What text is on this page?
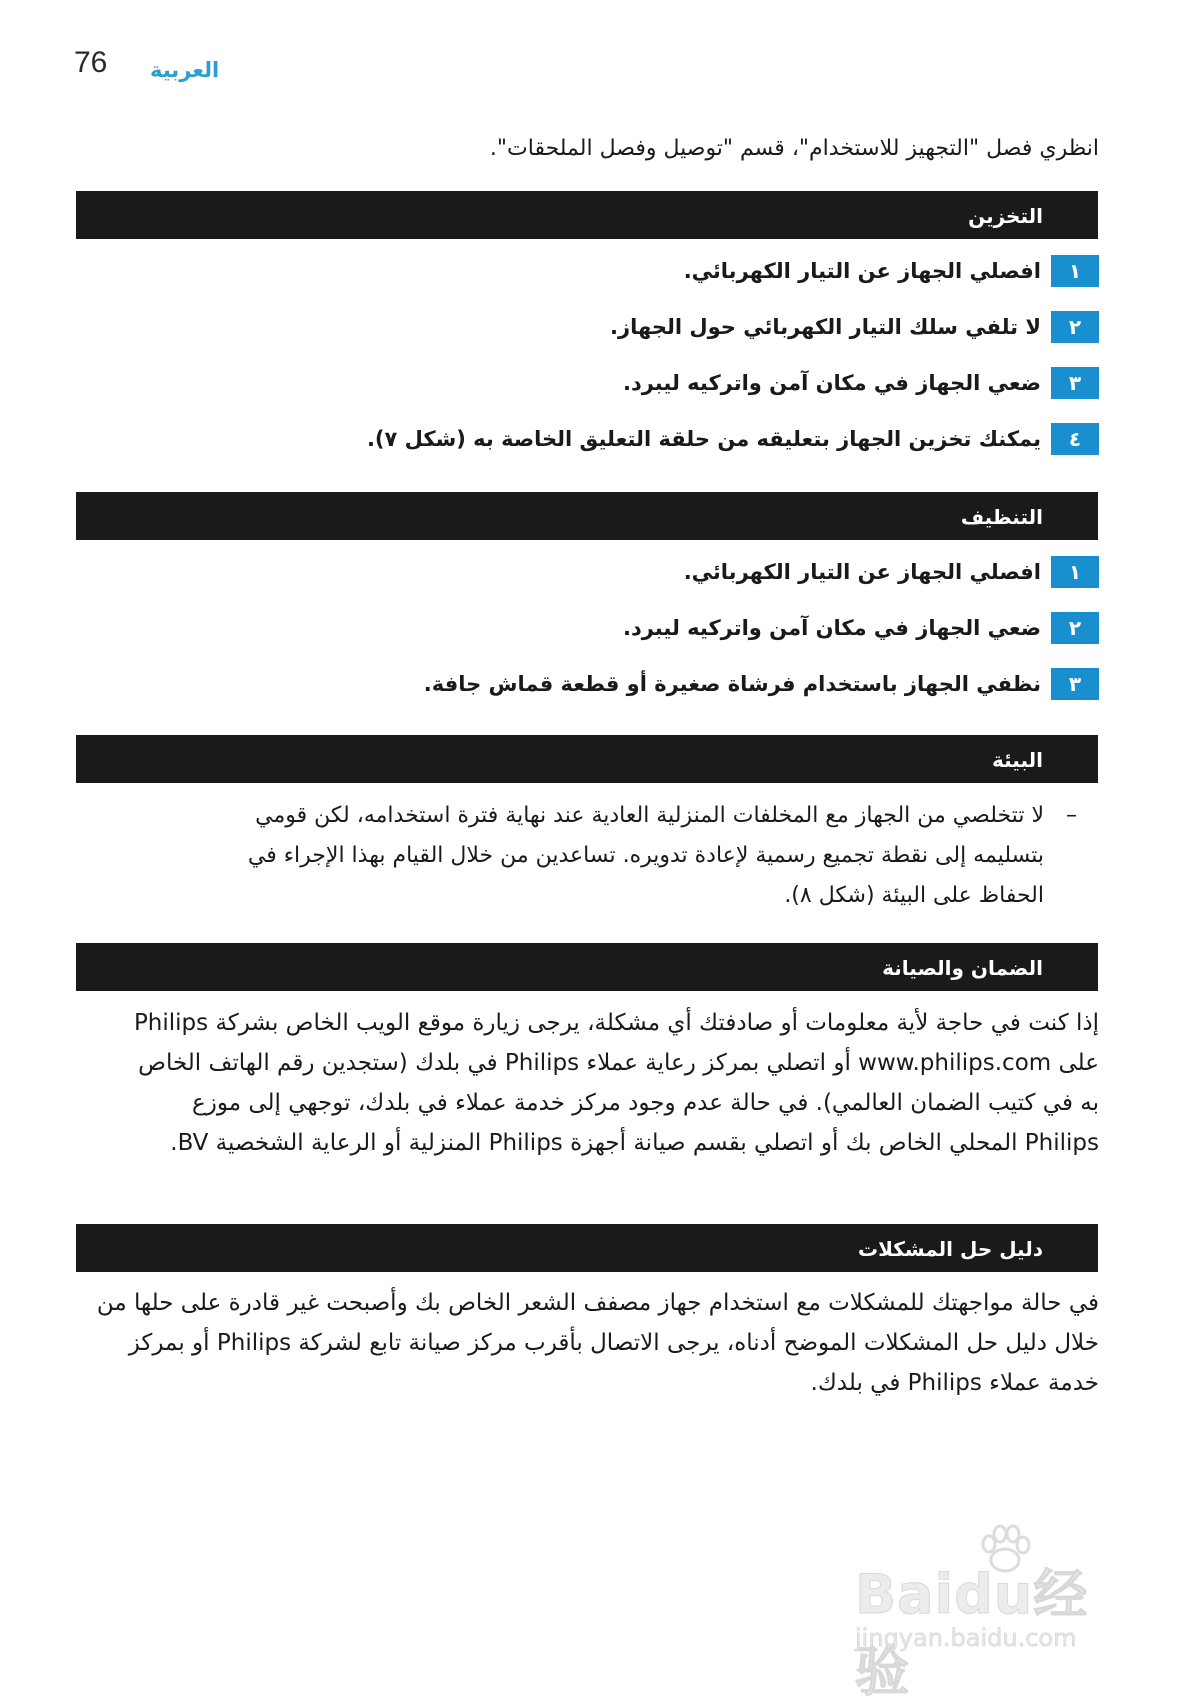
76 العربية
انظري فصل "التجهيز للاستخدام"، قسم "توصيل وفصل الملحقات".
التخزين
١
افصلي الجهاز عن التيار الكهربائي.
٢
لا تلفي سلك التيار الكهربائي حول الجهاز.
٣
ضعي الجهاز في مكان آمن واتركيه ليبرد.
٤
يمكنك تخزين الجهاز بتعليقه من حلقة التعليق الخاصة به (شكل ٧).
التنظيف
١
افصلي الجهاز عن التيار الكهربائي.
٢
ضعي الجهاز في مكان آمن واتركيه ليبرد.
٣
نظفي الجهاز باستخدام فرشاة صغيرة أو قطعة قماش جافة.
البيئة
–
لا تتخلصي من الجهاز مع المخلفات المنزلية العادية عند نهاية فترة استخدامه، لكن قومي بتسليمه إلى نقطة تجميع رسمية لإعادة تدويره. تساعدين من خلال القيام بهذا الإجراء في الحفاظ على البيئة (شكل ٨).
الضمان والصيانة
إذا كنت في حاجة لأية معلومات أو صادفتك أي مشكلة، يرجى زيارة موقع الويب الخاص بشركة Philips على www.philips.com أو اتصلي بمركز رعاية عملاء Philips في بلدك (ستجدين رقم الهاتف الخاص به في كتيب الضمان العالمي). في حالة عدم وجود مركز خدمة عملاء في بلدك، توجهي إلى موزع Philips المحلي الخاص بك أو اتصلي بقسم صيانة أجهزة Philips المنزلية أو الرعاية الشخصية BV.
دليل حل المشكلات
في حالة مواجهتك للمشكلات مع استخدام جهاز مصفف الشعر الخاص بك وأصبحت غير قادرة على حلها من خلال دليل حل المشكلات الموضح أدناه، يرجى الاتصال بأقرب مركز صيانة تابع لشركة Philips أو بمركز خدمة عملاء Philips في بلدك.
Baidu经验
jingyan.baidu.com
